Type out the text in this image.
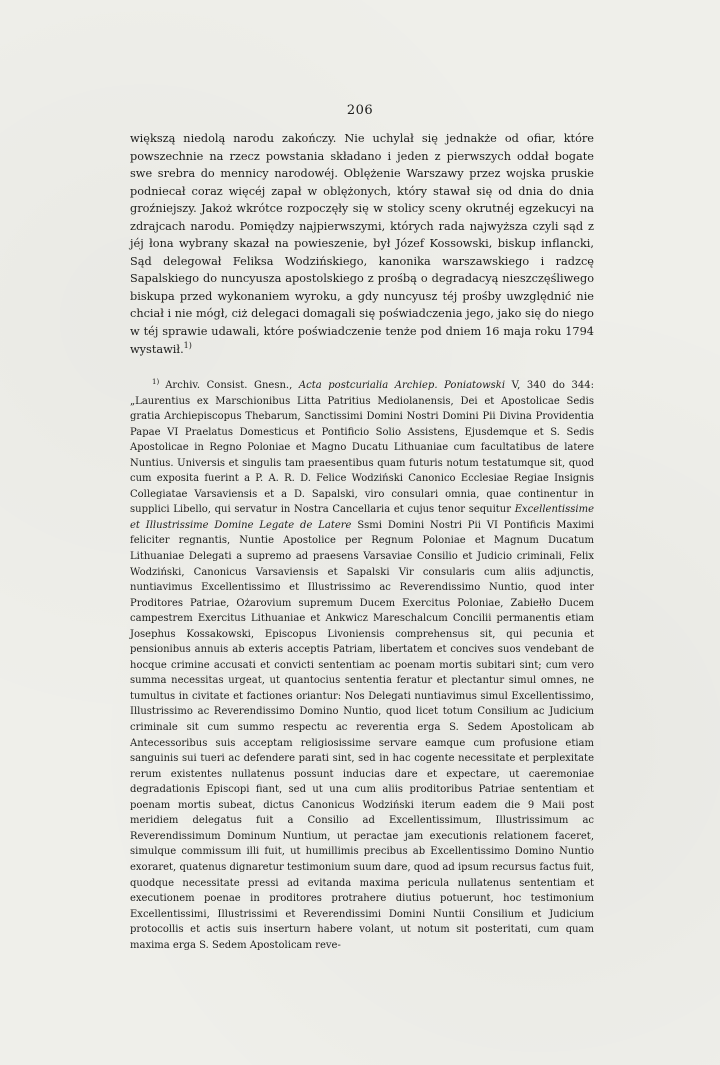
206

większą niedolą narodu zakończy. Nie uchylał się jednakże od ofiar, które powszechnie na rzecz powstania składano i jeden z pierwszych oddał bogate swe srebra do mennicy narodowéj. Oblężenie Warszawy przez wojska pruskie podniecał coraz więcéj zapał w oblężonych, który stawał się od dnia do dnia groźniejszy. Jakoż wkrótce rozpoczęły się w stolicy sceny okrutnéj egzekucyi na zdrajcach narodu. Pomiędzy najpierwszymi, których rada najwyższa czyli sąd z jéj łona wybrany skazał na powieszenie, był Józef Kossowski, biskup inflancki, Sąd delegował Feliksa Wodzińskiego, kanonika warszawskiego i radzcę Sapalskiego do nuncyusza apostolskiego z prośbą o degradacyą nieszczęśliwego biskupa przed wykonaniem wyroku, a gdy nuncyusz téj prośby uwzględnić nie chciał i nie mógł, ciż delegaci domagali się poświadczenia jego, jako się do niego w téj sprawie udawali, które poświadczenie tenże pod dniem 16 maja roku 1794 wystawił.$^{1)}$

$^{1)}$ Archiv. Consist. Gnesn., Acta postcurialia Archiep. Poniatowski V, 340 do 344: „Laurentius ex Marschionibus Litta Patritius Mediolanensis, Dei et Apostolicae Sedis gratia Archiepiscopus Thebarum, Sanctissimi Domini Nostri Domini Pii Divina Providentia Papae VI Praelatus Domesticus et Pontificio Solio Assistens, Ejusdemque et S. Sedis Apostolicae in Regno Poloniae et Magno Ducatu Lithuaniae cum facultatibus de latere Nuntius. Universis et singulis tam praesentibus quam futuris notum testatumque sit, quod cum exposita fuerint a P. A. R. D. Felice Wodziński Canonico Ecclesiae Regiae Insignis Collegiatae Varsaviensis et a D. Sapalski, viro consulari omnia, quae continentur in supplici Libello, qui servatur in Nostra Cancellaria et cujus tenor sequitur Excellentissime et Illustrissime Domine Legate de Latere Ssmi Domini Nostri Pii VI Pontificis Maximi feliciter regnantis, Nuntie Apostolice per Regnum Poloniae et Magnum Ducatum Lithuaniae Delegati a supremo ad praesens Varsaviae Consilio et Judicio criminali, Felix Wodziński, Canonicus Varsaviensis et Sapalski Vir consularis cum aliis adjunctis, nuntiavimus Excellentissimo et Illustrissimo ac Reverendissimo Nuntio, quod inter Proditores Patriae, Ożarovium supremum Ducem Exercitus Poloniae, Zabiełło Ducem campestrem Exercitus Lithuaniae et Ankwicz Mareschalcum Concilii permanentis etiam Josephus Kossakowski, Episcopus Livoniensis comprehensus sit, qui pecunia et pensionibus annuis ab exteris acceptis Patriam, libertatem et concives suos vendebant de hocque crimine accusati et convicti sententiam ac poenam mortis subitari sint; cum vero summa necessitas urgeat, ut quantocius sententia feratur et plectantur simul omnes, ne tumultus in civitate et factiones oriantur: Nos Delegati nuntiavimus simul Excellentissimo, Illustrissimo ac Reverendissimo Domino Nuntio, quod licet totum Consilium ac Judicium criminale sit cum summo respectu ac reverentia erga S. Sedem Apostolicam ab Antecessoribus suis acceptam religiosissime servare eamque cum profusione etiam sanguinis sui tueri ac defendere parati sint, sed in hac cogente necessitate et perplexitate rerum existentes nullatenus possunt inducias dare et expectare, ut caeremoniae degradationis Episcopi fiant, sed ut una cum aliis proditoribus Patriae sententiam et poenam mortis subeat, dictus Canonicus Wodziński iterum eadem die 9 Maii post meridiem delegatus fuit a Consilio ad Excellentissimum, Illustrissimum ac Reverendissimum Dominum Nuntium, ut peractae jam executionis relationem faceret, simulque commissum illi fuit, ut humillimis precibus ab Excellentissimo Domino Nuntio exoraret, quatenus dignaretur testimonium suum dare, quod ad ipsum recursus factus fuit, quodque necessitate pressi ad evitanda maxima pericula nullatenus sententiam et executionem poenae in proditores protrahere diutius potuerunt, hoc testimonium Excellentissimi, Illustrissimi et Reverendissimi Domini Nuntii Consilium et Judicium protocollis et actis suis inserturn habere volant, ut notum sit posteritati, cum quam maxima erga S. Sedem Apostolicam reve-
